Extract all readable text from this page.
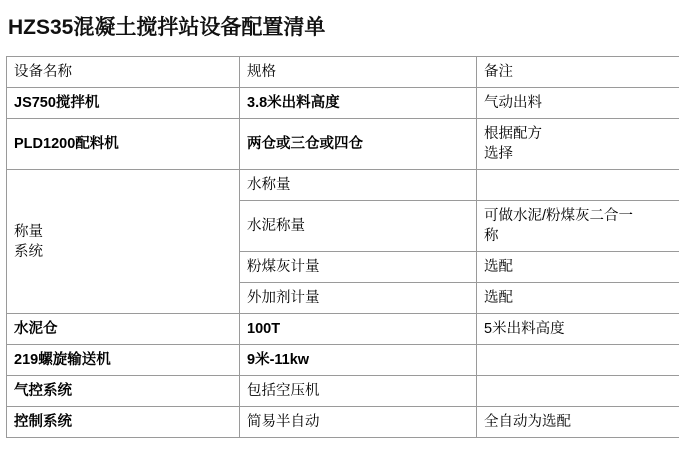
HZS35混凝土搅拌站设备配置清单
设备名称	规格	备注
JS750搅拌机	3.8米出料高度	气动出料
PLD1200配料机	两仓或三仓或四仓	根据配方
选择

称量
系统	水称量	
	水泥称量	可做水泥/粉煤灰二合一
称

	粉煤灰计量	选配
	外加剂计量	选配
水泥仓	100T	5米出料高度
219螺旋输送机	9米-11kw	
气控系统	包括空压机	
控制系统	简易半自动	全自动为选配
